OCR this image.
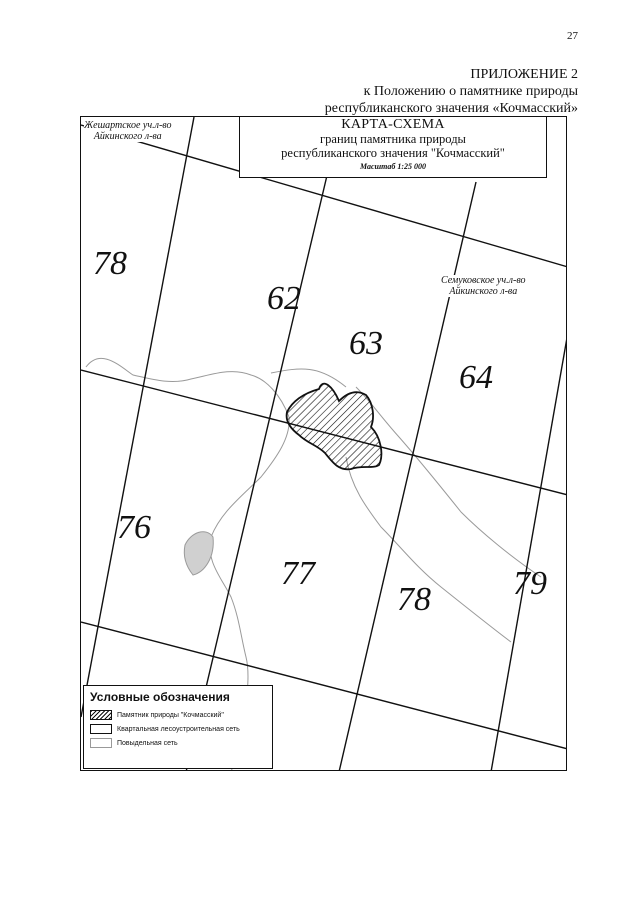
27
ПРИЛОЖЕНИЕ 2
к Положению о памятнике природы
республиканского значения «Кочмасский»
КАРТА-СХЕМА
границ памятника природы
республиканского значения "Кочмасский"
Масштаб 1:25 000
Жешартское уч.л-во
Айкинского л-ва
Семуковское уч.л-во
Айкинского л-ва
78
62
63
64
76
77
78 79
Условные обозначения
Памятник природы "Кочмасский"
Квартальная лесоустроительная сеть
Повыдельная сеть
